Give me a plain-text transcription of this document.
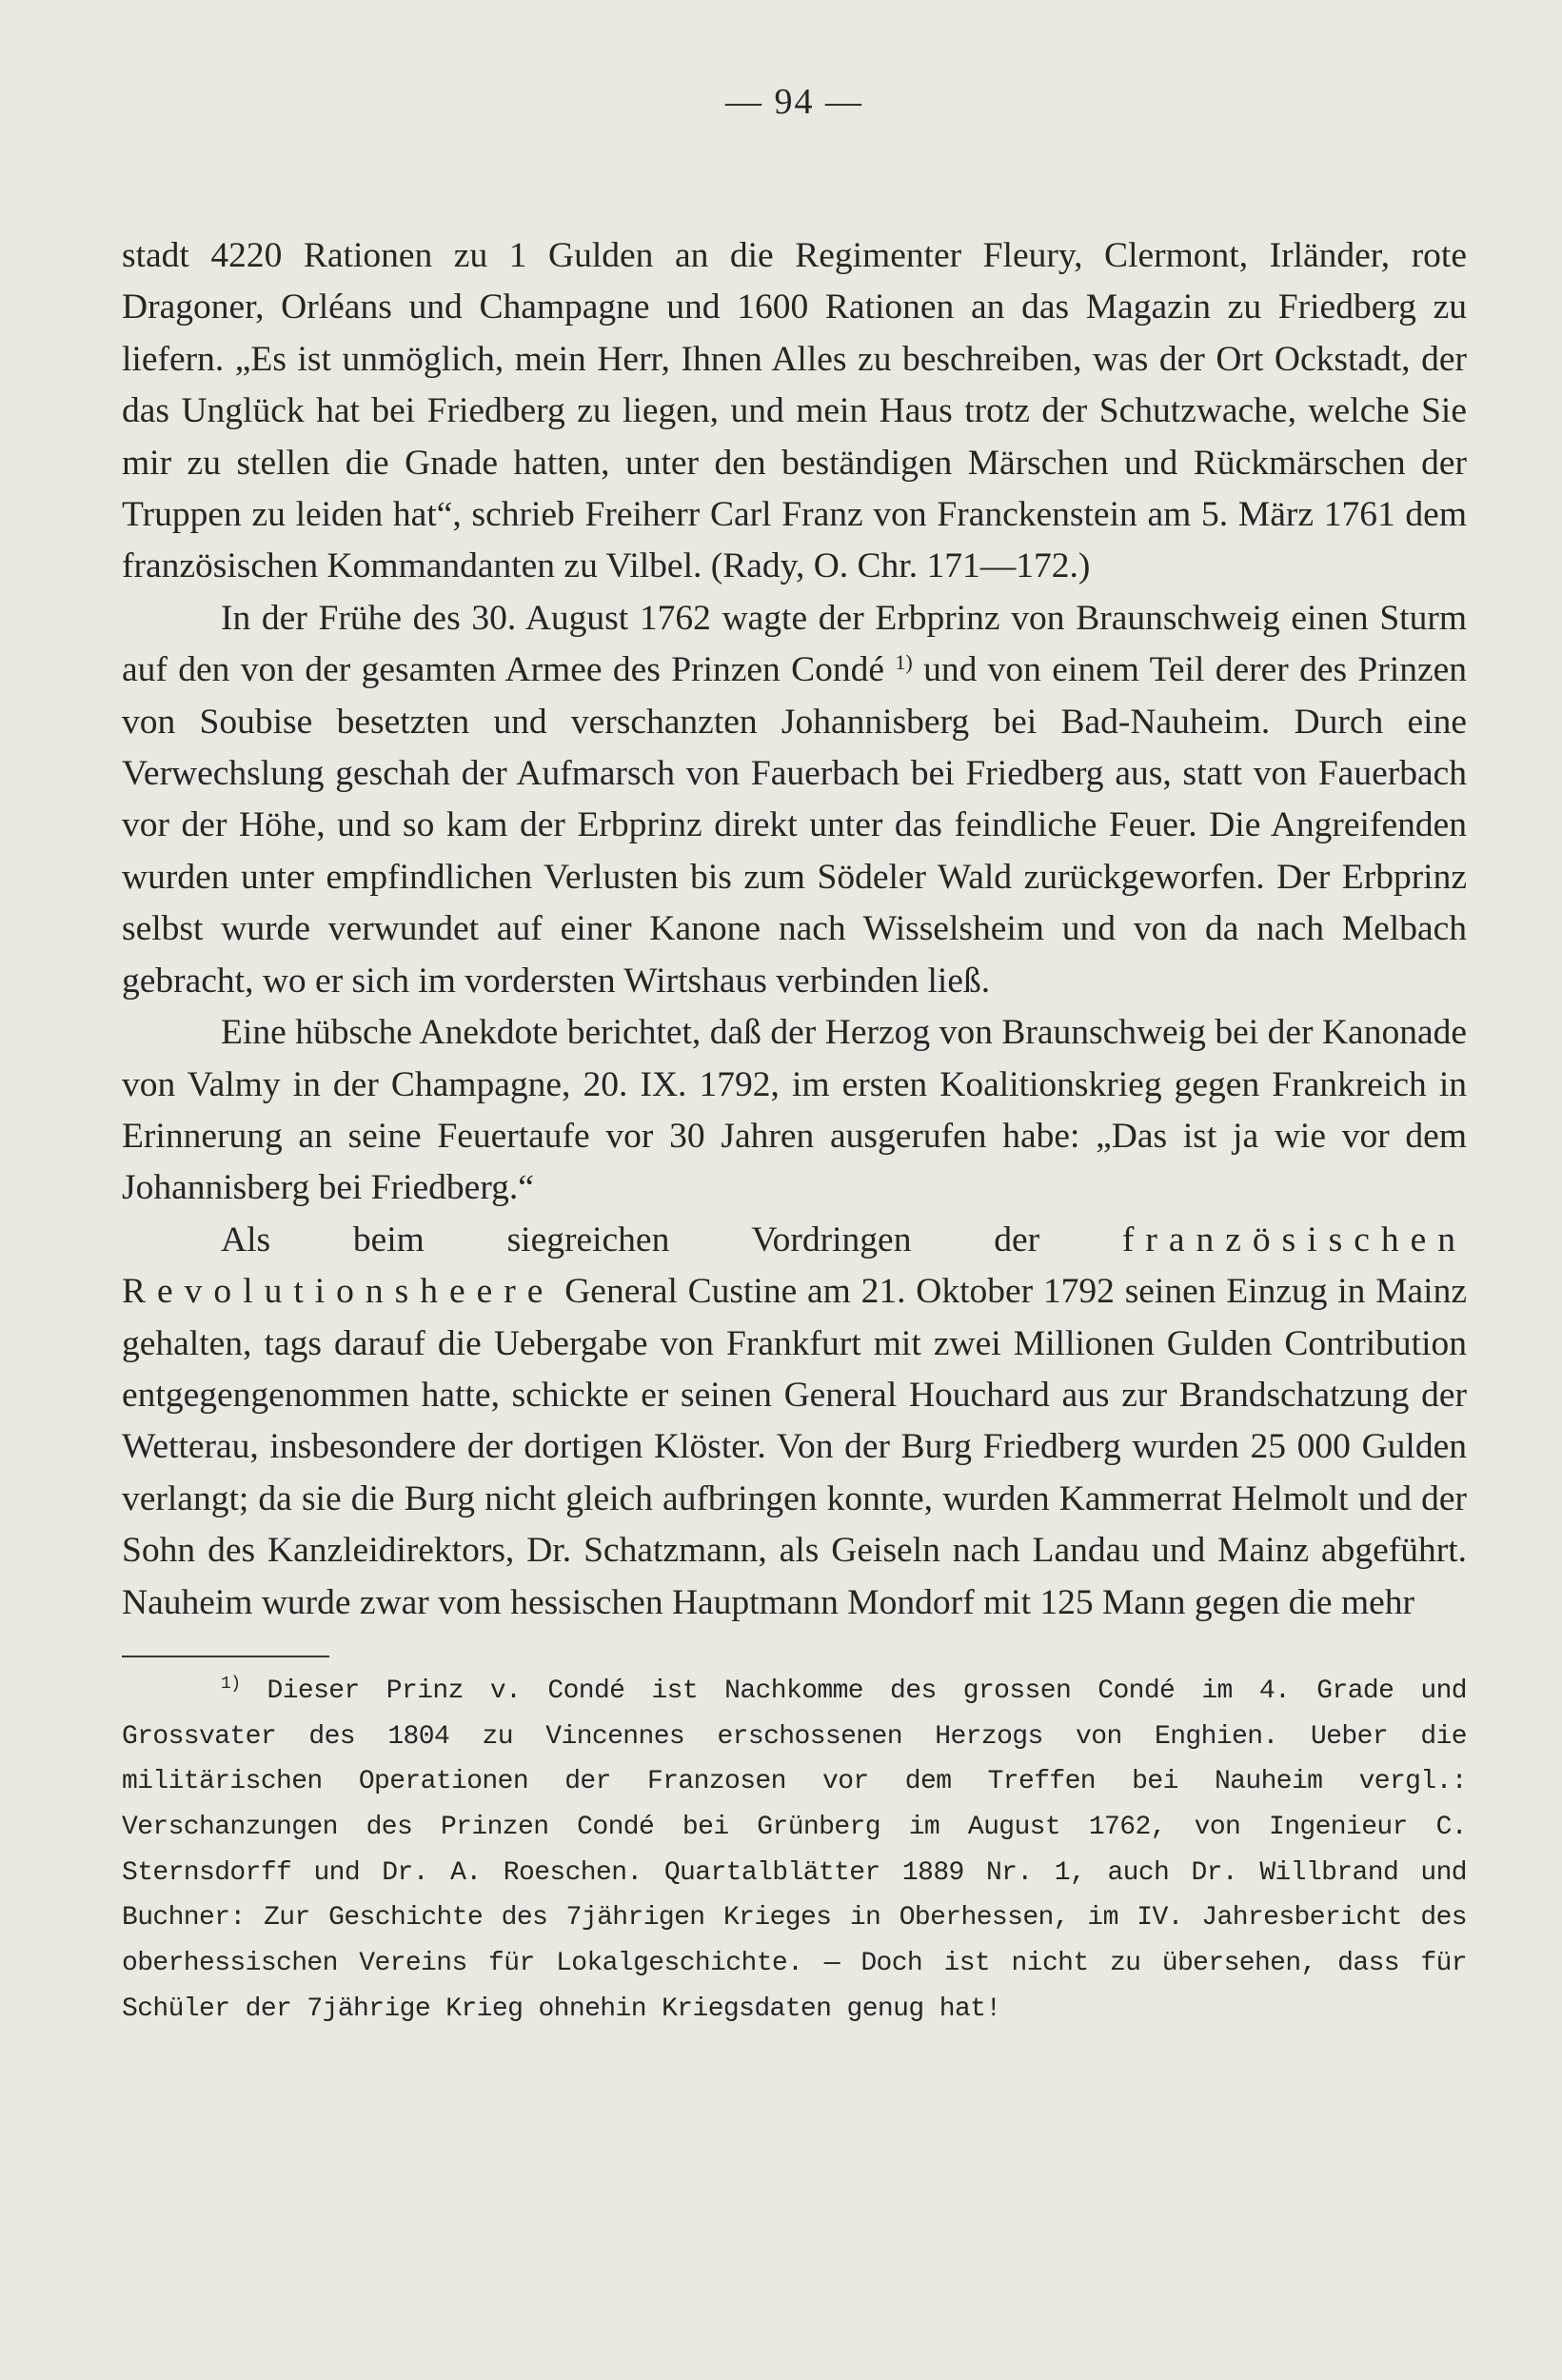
— 94 —

stadt 4220 Rationen zu 1 Gulden an die Regimenter Fleury, Clermont, Irländer, rote Dragoner, Orléans und Champagne und 1600 Rationen an das Magazin zu Friedberg zu liefern. „Es ist unmöglich, mein Herr, Ihnen Alles zu beschreiben, was der Ort Ockstadt, der das Unglück hat bei Friedberg zu liegen, und mein Haus trotz der Schutzwache, welche Sie mir zu stellen die Gnade hatten, unter den beständigen Märschen und Rückmärschen der Truppen zu leiden hat“, schrieb Freiherr Carl Franz von Franckenstein am 5. März 1761 dem französischen Kommandanten zu Vilbel. (Rady, O. Chr. 171—172.)

In der Frühe des 30. August 1762 wagte der Erbprinz von Braunschweig einen Sturm auf den von der gesamten Armee des Prinzen Condé $^{1)}$ und von einem Teil derer des Prinzen von Soubise besetzten und verschanzten Johannisberg bei Bad-Nauheim. Durch eine Verwechslung geschah der Aufmarsch von Fauerbach bei Friedberg aus, statt von Fauerbach vor der Höhe, und so kam der Erbprinz direkt unter das feindliche Feuer. Die Angreifenden wurden unter empfindlichen Verlusten bis zum Södeler Wald zurückgeworfen. Der Erbprinz selbst wurde verwundet auf einer Kanone nach Wisselsheim und von da nach Melbach gebracht, wo er sich im vordersten Wirtshaus verbinden ließ.

Eine hübsche Anekdote berichtet, daß der Herzog von Braunschweig bei der Kanonade von Valmy in der Champagne, 20. IX. 1792, im ersten Koalitionskrieg gegen Frankreich in Erinnerung an seine Feuertaufe vor 30 Jahren ausgerufen habe: „Das ist ja wie vor dem Johannisberg bei Friedberg.“

Als beim siegreichen Vordringen der französischen Revolutionsheere General Custine am 21. Oktober 1792 seinen Einzug in Mainz gehalten, tags darauf die Uebergabe von Frankfurt mit zwei Millionen Gulden Contribution entgegengenommen hatte, schickte er seinen General Houchard aus zur Brandschatzung der Wetterau, insbesondere der dortigen Klöster. Von der Burg Friedberg wurden 25 000 Gulden verlangt; da sie die Burg nicht gleich aufbringen konnte, wurden Kammerrat Helmolt und der Sohn des Kanzleidirektors, Dr. Schatzmann, als Geiseln nach Landau und Mainz abgeführt. Nauheim wurde zwar vom hessischen Hauptmann Mondorf mit 125 Mann gegen die mehr

$^{1)}$ Dieser Prinz v. Condé ist Nachkomme des grossen Condé im 4. Grade und Grossvater des 1804 zu Vincennes erschossenen Herzogs von Enghien. Ueber die militärischen Operationen der Franzosen vor dem Treffen bei Nauheim vergl.: Verschanzungen des Prinzen Condé bei Grünberg im August 1762, von Ingenieur C. Sternsdorff und Dr. A. Roeschen. Quartalblätter 1889 Nr. 1, auch Dr. Willbrand und Buchner: Zur Geschichte des 7jährigen Krieges in Oberhessen, im IV. Jahresbericht des oberhessischen Vereins für Lokalgeschichte. — Doch ist nicht zu übersehen, dass für Schüler der 7jährige Krieg ohnehin Kriegsdaten genug hat!
